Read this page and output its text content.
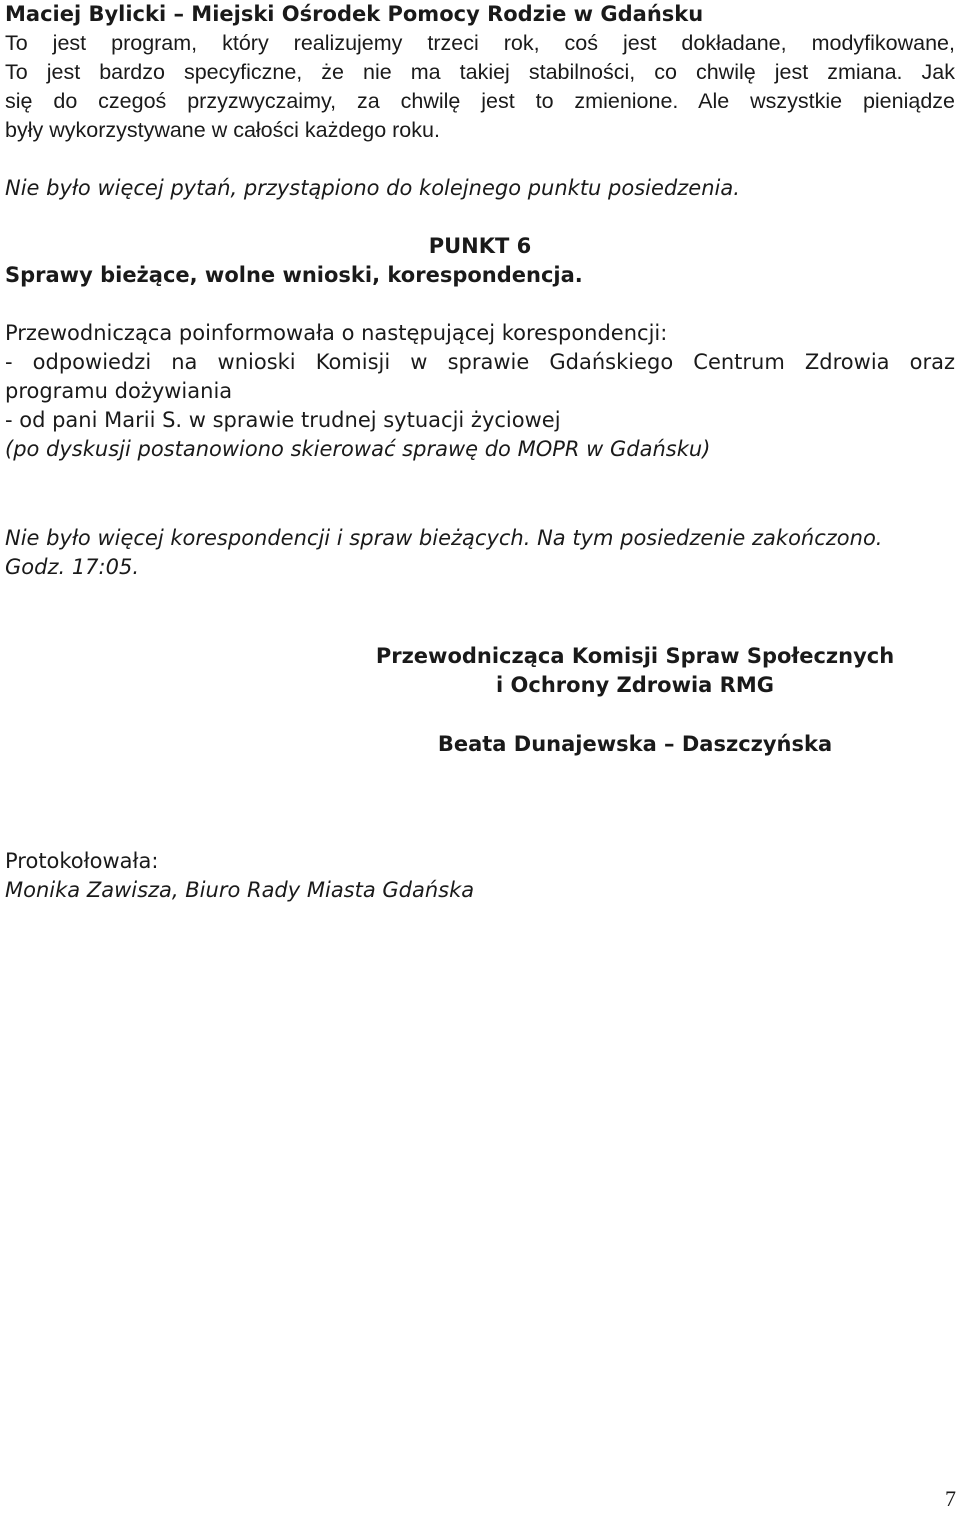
Maciej Bylicki – Miejski Ośrodek Pomocy Rodzie w Gdańsku
To jest program, który realizujemy trzeci rok, coś jest dokładane, modyfikowane,
To jest bardzo specyficzne, że nie ma takiej stabilności, co chwilę jest zmiana. Jak
się do czegoś przyzwyczaimy, za chwilę jest to zmienione. Ale wszystkie pieniądze
były wykorzystywane w całości każdego roku.
Nie było więcej pytań, przystąpiono do kolejnego punktu posiedzenia.
PUNKT 6
Sprawy bieżące, wolne wnioski, korespondencja.
Przewodnicząca poinformowała o następującej korespondencji:
- odpowiedzi na wnioski Komisji w sprawie Gdańskiego Centrum Zdrowia oraz
programu dożywiania
- od pani Marii S. w sprawie trudnej sytuacji życiowej
(po dyskusji postanowiono skierować sprawę do MOPR w Gdańsku)
Nie było więcej korespondencji i spraw bieżących. Na tym posiedzenie zakończono.
Godz. 17:05.
Przewodnicząca Komisji Spraw Społecznych
i Ochrony Zdrowia RMG
Beata Dunajewska – Daszczyńska
Protokołowała:
Monika Zawisza, Biuro Rady Miasta Gdańska
7
